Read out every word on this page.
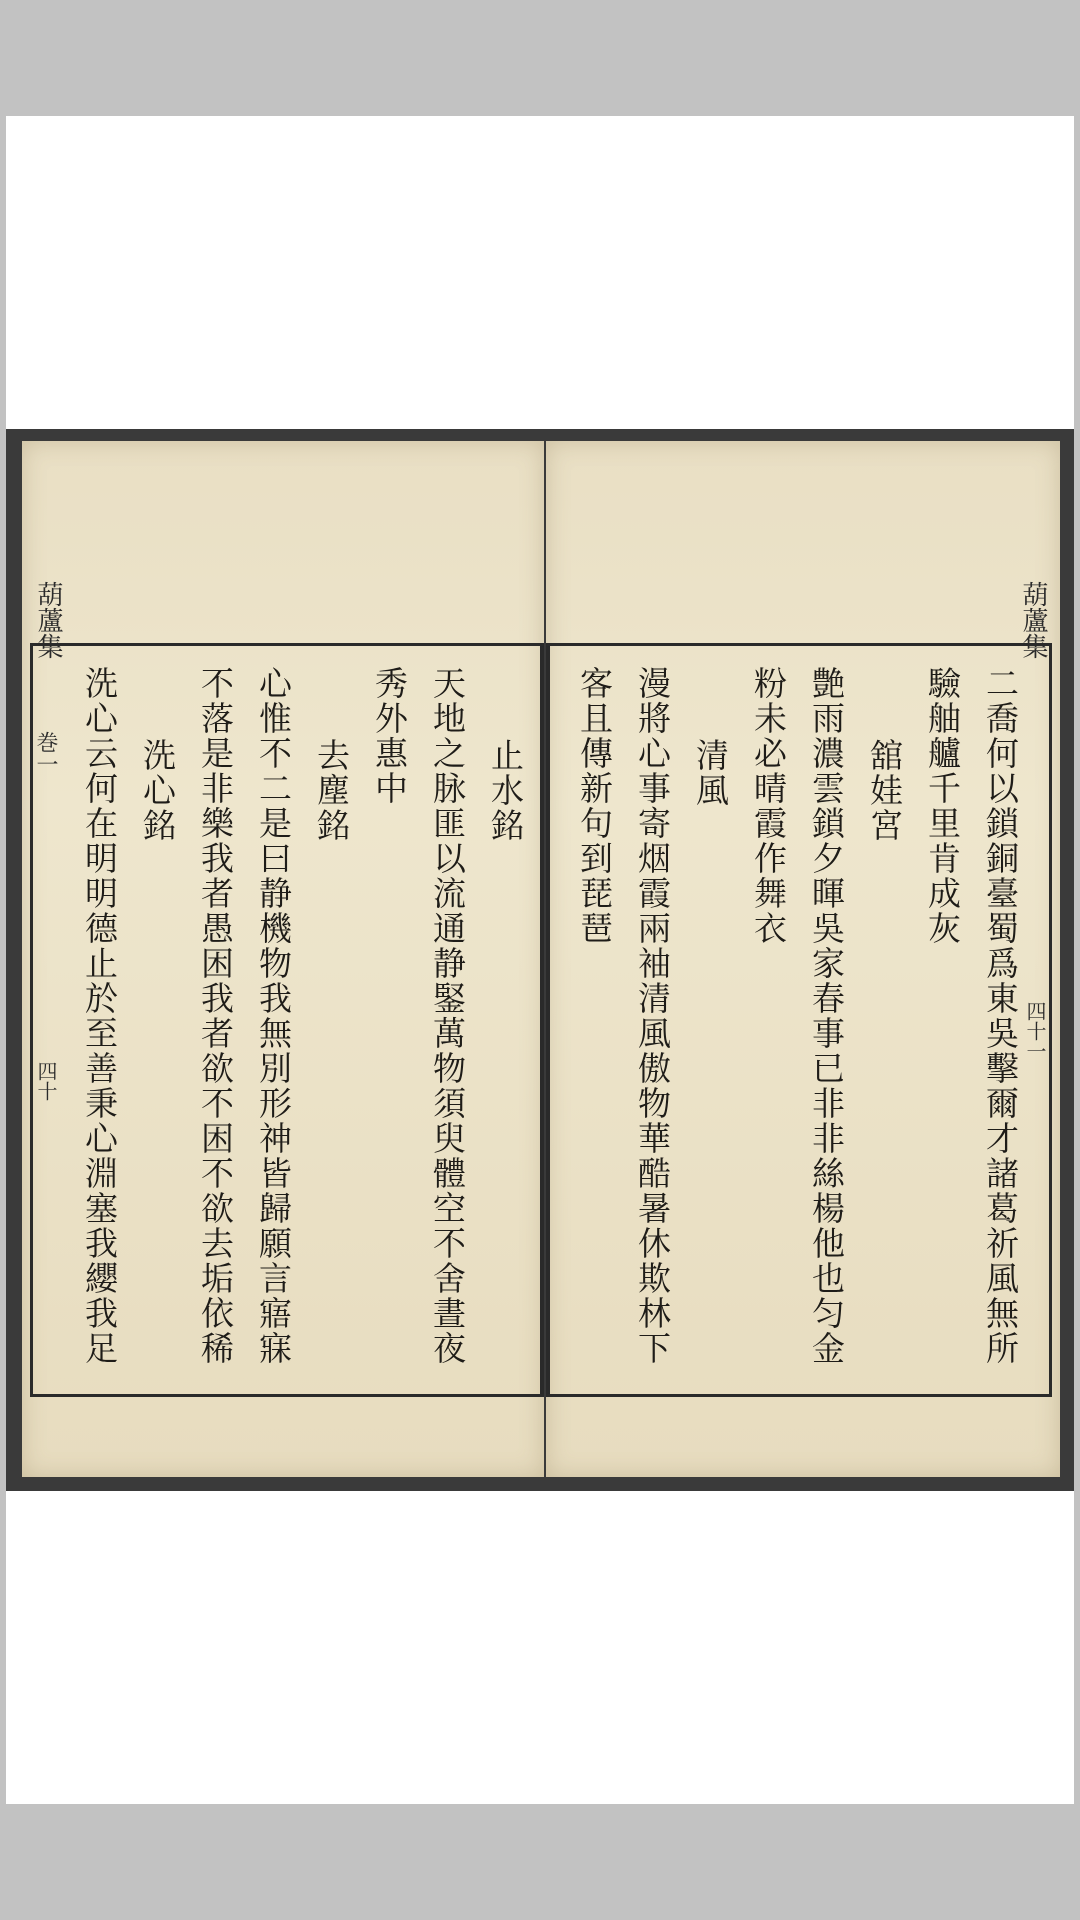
葫蘆集
巻一
四十
止水銘
天地之脉匪以流通静鋻萬物須臾體空不舍晝夜
秀外惠中
去塵銘
心惟不二是曰静機物我無別形神皆歸願言寤寐
不落是非樂我者愚困我者欲不困不欲去垢依稀
洗心銘
洗心云何在明明德止於至善秉心淵塞我纓我足
葫蘆集
四十一
二喬何以鎖銅臺蜀爲東吳擊爾才諸葛祈風無所
驗舳艫千里肯成灰
舘娃宮
艶雨濃雲鎖夕暉吳家春事已非非絲楊他也匀金
粉未必晴霞作舞衣
清風
漫將心事寄烟霞兩袖清風傲物華酷暑休欺林下
客且傳新句到琵琶
